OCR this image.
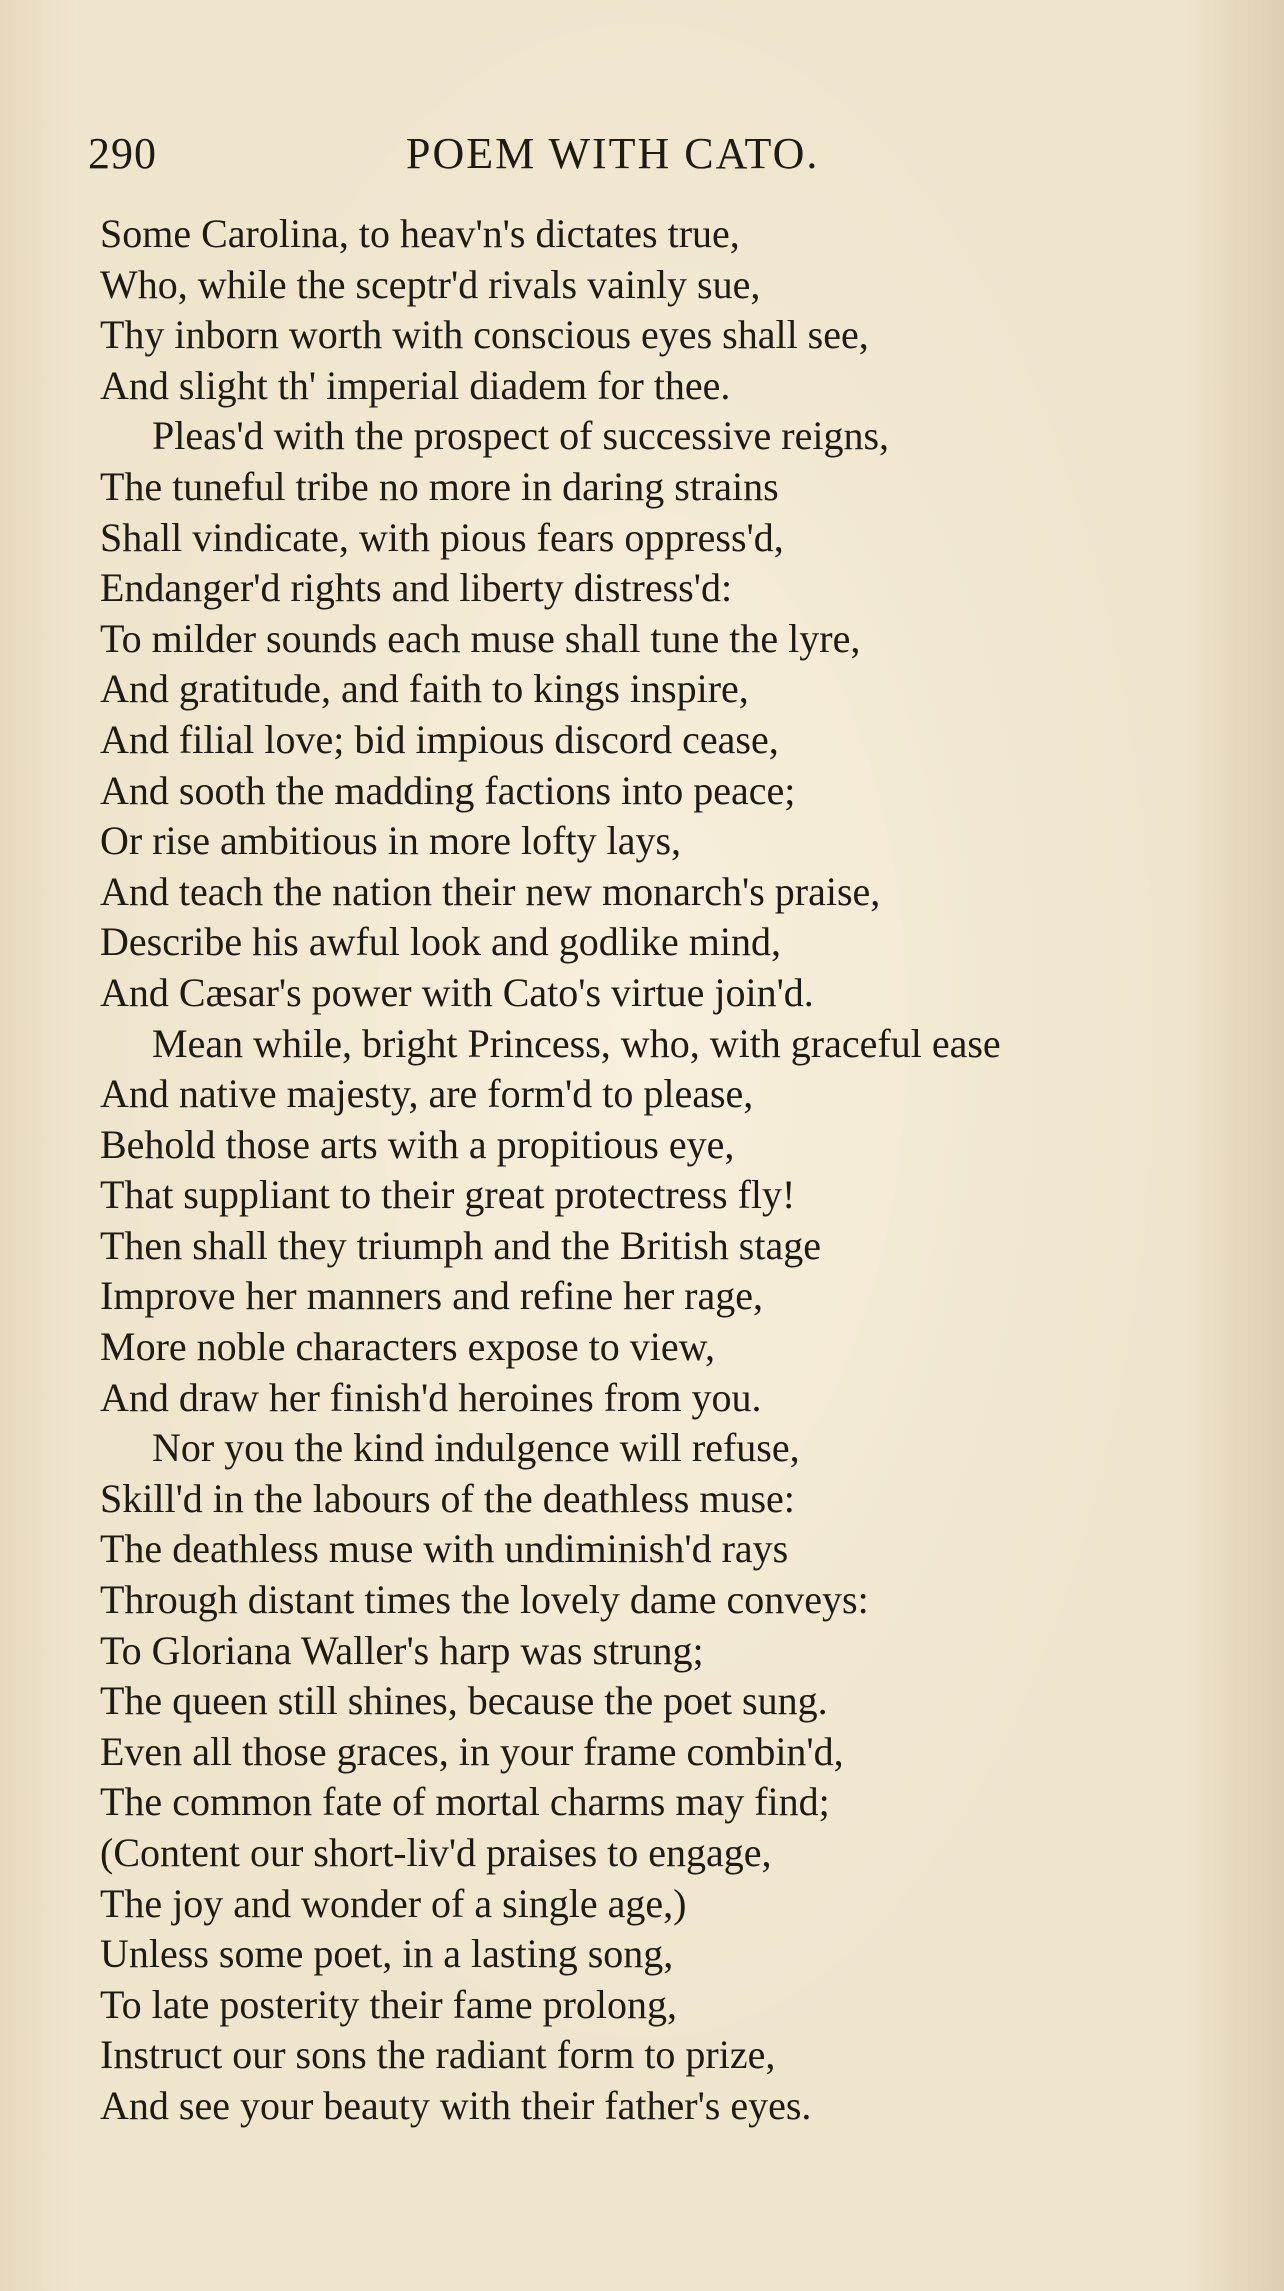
290	POEM WITH CATO.
Some Carolina, to heav'n's dictates true,
Who, while the sceptr'd rivals vainly sue,
Thy inborn worth with conscious eyes shall see,
And slight th' imperial diadem for thee.
Pleas'd with the prospect of successive reigns,
The tuneful tribe no more in daring strains
Shall vindicate, with pious fears oppress'd,
Endanger'd rights and liberty distress'd:
To milder sounds each muse shall tune the lyre,
And gratitude, and faith to kings inspire,
And filial love; bid impious discord cease,
And sooth the madding factions into peace;
Or rise ambitious in more lofty lays,
And teach the nation their new monarch's praise,
Describe his awful look and godlike mind,
And Cæsar's power with Cato's virtue join'd.
Mean while, bright Princess, who, with graceful ease
And native majesty, are form'd to please,
Behold those arts with a propitious eye,
That suppliant to their great protectress fly!
Then shall they triumph and the British stage
Improve her manners and refine her rage,
More noble characters expose to view,
And draw her finish'd heroines from you.
Nor you the kind indulgence will refuse,
Skill'd in the labours of the deathless muse:
The deathless muse with undiminish'd rays
Through distant times the lovely dame conveys:
To Gloriana Waller's harp was strung;
The queen still shines, because the poet sung.
Even all those graces, in your frame combin'd,
The common fate of mortal charms may find;
(Content our short-liv'd praises to engage,
The joy and wonder of a single age,)
Unless some poet, in a lasting song,
To late posterity their fame prolong,
Instruct our sons the radiant form to prize,
And see your beauty with their father's eyes.
